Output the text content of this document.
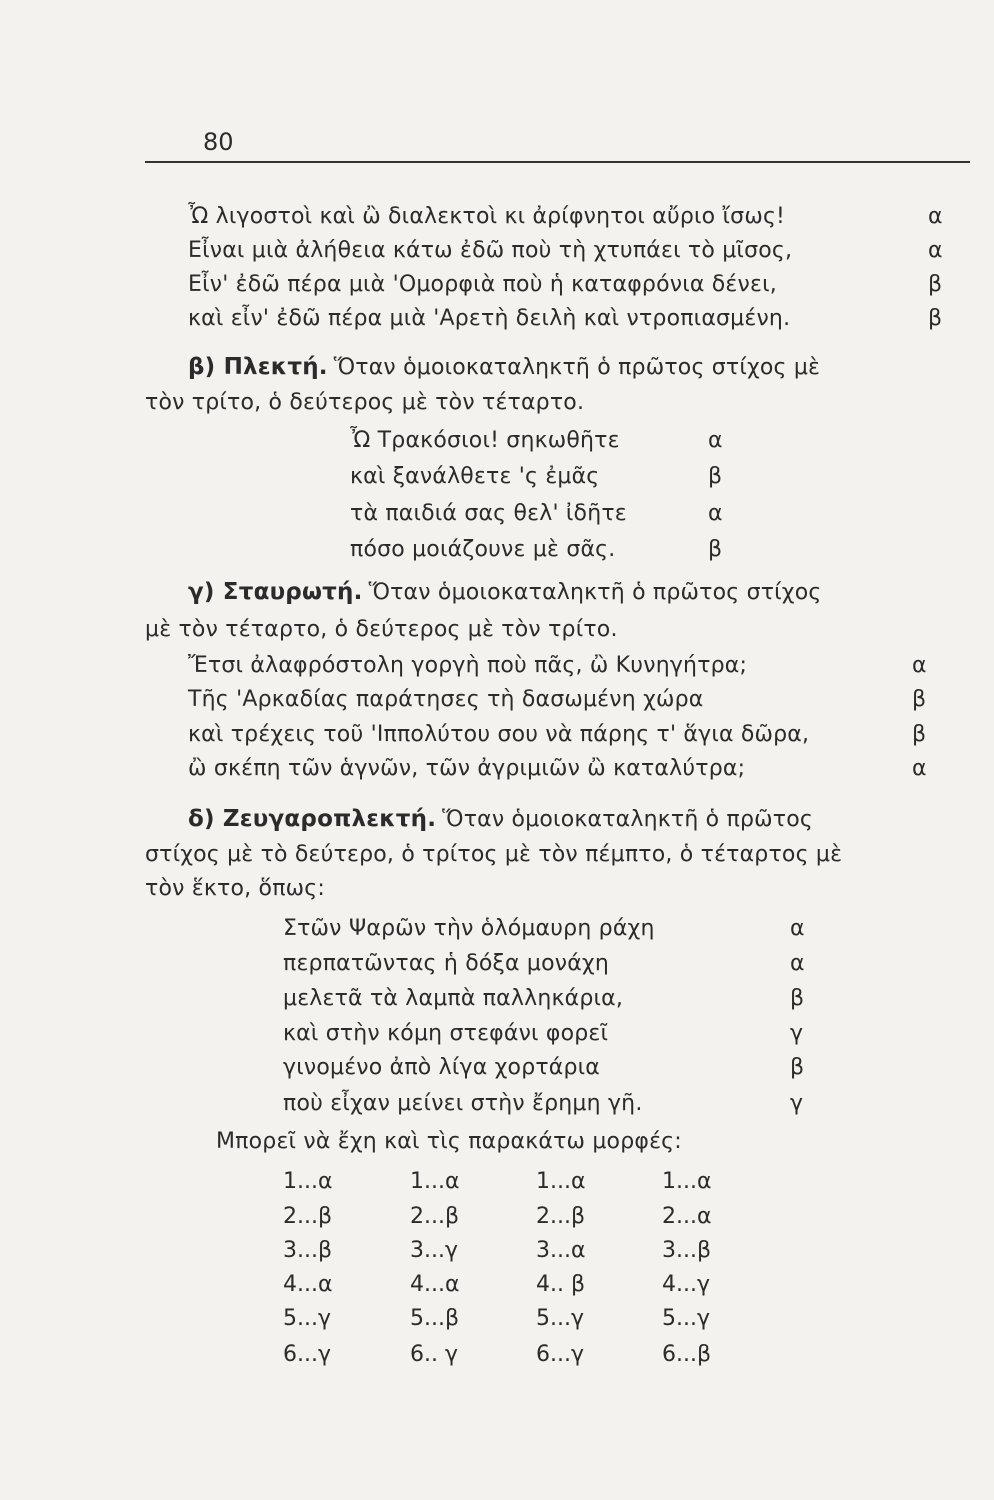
80
Ὦ λιγοστοὶ καὶ ὢ διαλεκτοὶ κι ἀρίφνητοι αὔριο ἴσως!	α
Εἶναι μιὰ ἀλήθεια κάτω ἐδῶ ποὺ τὴ χτυπάει τὸ μῖσος,	α
Εἶν' ἐδῶ πέρα μιὰ 'Ομορφιὰ ποὺ ἡ καταφρόνια δένει,	β
καὶ εἶν' ἐδῶ πέρα μιὰ 'Αρετὴ δειλὴ καὶ ντροπιασμένη.	β
β) Πλεκτή. Ὅταν ὁμοιοκαταληκτῆ ὁ πρῶτος στίχος μὲ
τὸν τρίτο, ὁ δεύτερος μὲ τὸν τέταρτο.
Ὦ Τρακόσιοι! σηκωθῆτε	α
καὶ ξανάλθετε 'ς ἐμᾶς	β
τὰ παιδιά σας θελ' ἰδῆτε	α
πόσο μοιάζουνε μὲ σᾶς.	β
γ) Σταυρωτή. Ὅταν ὁμοιοκαταληκτῆ ὁ πρῶτος στίχος
μὲ τὸν τέταρτο, ὁ δεύτερος μὲ τὸν τρίτο.
Ἔτσι ἀλαφρόστολη γοργὴ ποὺ πᾶς, ὢ Κυνηγήτρα;	α
Τῆς 'Αρκαδίας παράτησες τὴ δασωμένη χώρα	β
καὶ τρέχεις τοῦ 'Ιππολύτου σου νὰ πάρης τ' ἅγια δῶρα,	β
ὢ σκέπη τῶν ἁγνῶν, τῶν ἀγριμιῶν ὢ καταλύτρα;	α
δ) Ζευγαροπλεκτή. Ὅταν ὁμοιοκαταληκτῆ ὁ πρῶτος
στίχος μὲ τὸ δεύτερο, ὁ τρίτος μὲ τὸν πέμπτο, ὁ τέταρτος μὲ
τὸν ἕκτο, ὅπως:
Στῶν Ψαρῶν τὴν ὁλόμαυρη ράχη	α
περπατῶντας ἡ δόξα μονάχη	α
μελετᾶ τὰ λαμπὰ παλληκάρια,	β
καὶ στὴν κόμη στεφάνι φορεῖ	γ
γινομένο ἀπὸ λίγα χορτάρια	β
ποὺ εἶχαν μείνει στὴν ἔρημη γῆ.	γ
Μπορεῖ νὰ ἔχη καὶ τὶς παρακάτω μορφές:
1...α	1...α	1...α	1...α
2...β	2...β	2...β	2...α
3...β	3...γ	3...α	3...β
4...α	4...α	4.. β	4...γ
5...γ	5...β	5...γ	5...γ
6...γ	6.. γ	6...γ	6...β
